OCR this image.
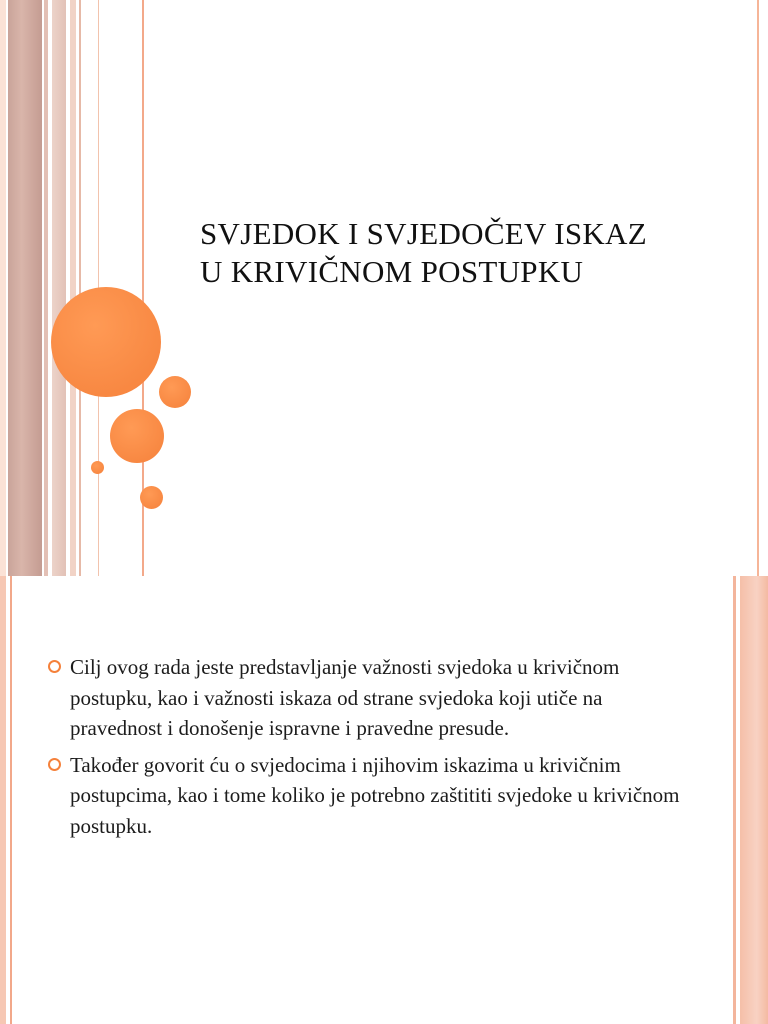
SVJEDOK I SVJEDOČEV ISKAZ
U KRIVIČNOM POSTUPKU
Cilj ovog rada jeste predstavljanje važnosti svjedoka u krivičnom postupku, kao i važnosti iskaza od strane svjedoka koji utiče na pravednost i donošenje ispravne i pravedne presude.
Također govorit ću o svjedocima i njihovim iskazima u krivičnim postupcima, kao i tome koliko je potrebno zaštititi svjedoke u krivičnom postupku.
